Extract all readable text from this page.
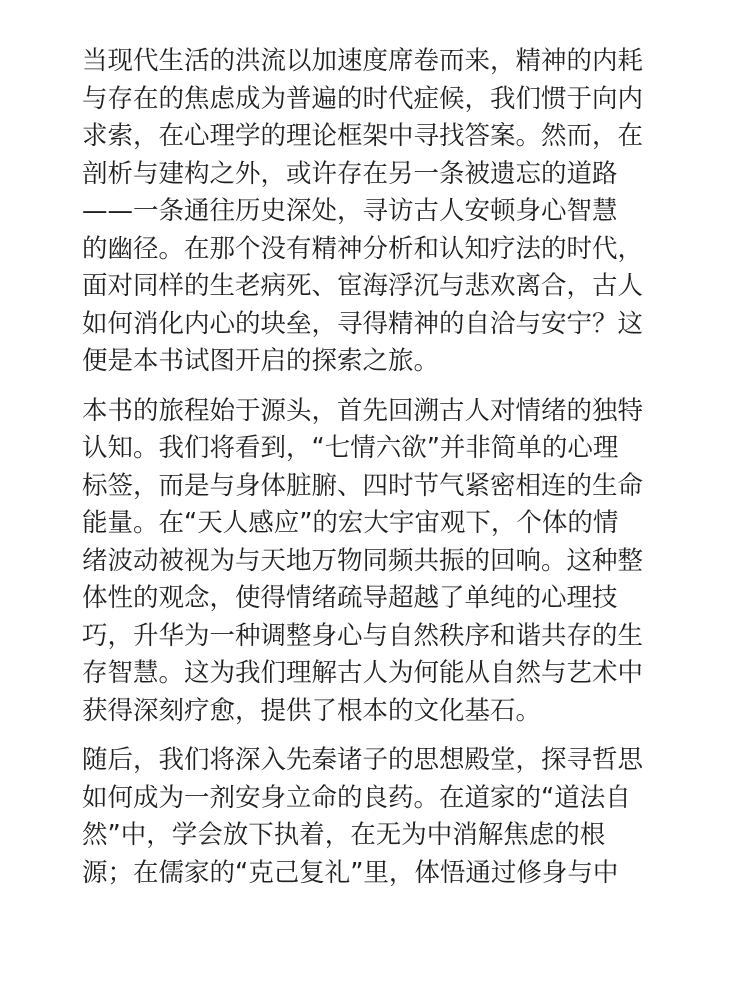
当现代生活的洪流以加速度席卷而来，精神的内耗
与存在的焦虑成为普遍的时代症候，我们惯于向内
求索，在心理学的理论框架中寻找答案。然而，在
剖析与建构之外，或许存在另一条被遗忘的道路
——一条通往历史深处，寻访古人安顿身心智慧
的幽径。在那个没有精神分析和认知疗法的时代，
面对同样的生老病死、宦海浮沉与悲欢离合，古人
如何消化内心的块垒，寻得精神的自洽与安宁？这
便是本书试图开启的探索之旅。

本书的旅程始于源头，首先回溯古人对情绪的独特
认知。我们将看到，“七情六欲”并非简单的心理
标签，而是与身体脏腑、四时节气紧密相连的生命
能量。在“天人感应”的宏大宇宙观下，个体的情
绪波动被视为与天地万物同频共振的回响。这种整
体性的观念，使得情绪疏导超越了单纯的心理技
巧，升华为一种调整身心与自然秩序和谐共存的生
存智慧。这为我们理解古人为何能从自然与艺术中
获得深刻疗愈，提供了根本的文化基石。

随后，我们将深入先秦诸子的思想殿堂，探寻哲思
如何成为一剂安身立命的良药。在道家的“道法自
然”中，学会放下执着，在无为中消解焦虑的根
源；在儒家的“克己复礼”里，体悟通过修身与中
